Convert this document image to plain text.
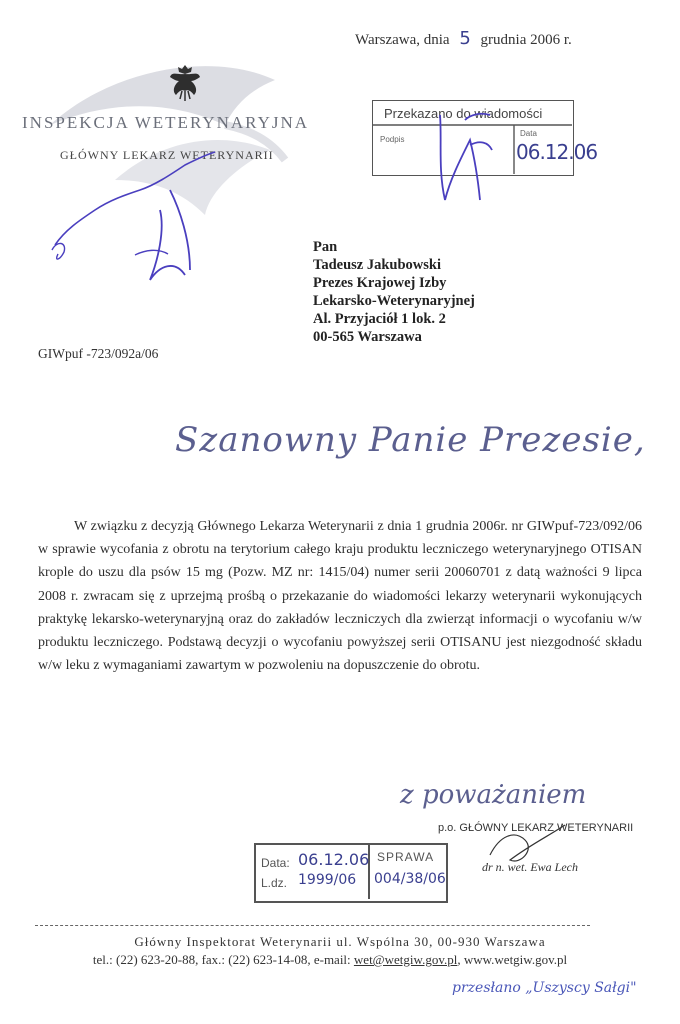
Warszawa, dnia 5 grudnia 2006 r.
INSPEKCJA WETERYNARYJNA
GŁÓWNY LEKARZ WETERYNARII
Przekazano do wiadomości
Podpis
Data
06.12.06
Pan
Tadeusz Jakubowski
Prezes Krajowej Izby
Lekarsko-Weterynaryjnej
Al. Przyjaciół 1 lok. 2
00-565 Warszawa
GIWpuf -723/092a/06
Szanowny Panie Prezesie,

W związku z decyzją Głównego Lekarza Weterynarii z dnia 1 grudnia 2006r. nr GIWpuf-723/092/06 w sprawie wycofania z obrotu na terytorium całego kraju produktu leczniczego weterynaryjnego OTISAN krople do uszu dla psów 15 mg (Pozw. MZ nr: 1415/04) numer serii 20060701 z datą ważności 9 lipca 2008 r. zwracam się z uprzejmą prośbą o przekazanie do wiadomości lekarzy weterynarii wykonujących praktykę lekarsko-weterynaryjną oraz do zakładów leczniczych dla zwierząt informacji o wycofaniu w/w produktu leczniczego. Podstawą decyzji o wycofaniu powyższej serii OTISANU jest niezgodność składu w/w leku z wymaganiami zawartym w pozwoleniu na dopuszczenie do obrotu.

z poważaniem
p.o. GŁÓWNY LEKARZ WETERYNARII
dr n. wet. Ewa Lech
Data: 06.12.06
L.dz. 1999/06
SPRAWA
004/38/06
Główny Inspektorat Weterynarii ul. Wspólna 30, 00-930 Warszawa
tel.: (22) 623-20-88, fax.: (22) 623-14-08, e-mail: wet@wetgiw.gov.pl, www.wetgiw.gov.pl
przesłano „Uszyscy Sałgi"
